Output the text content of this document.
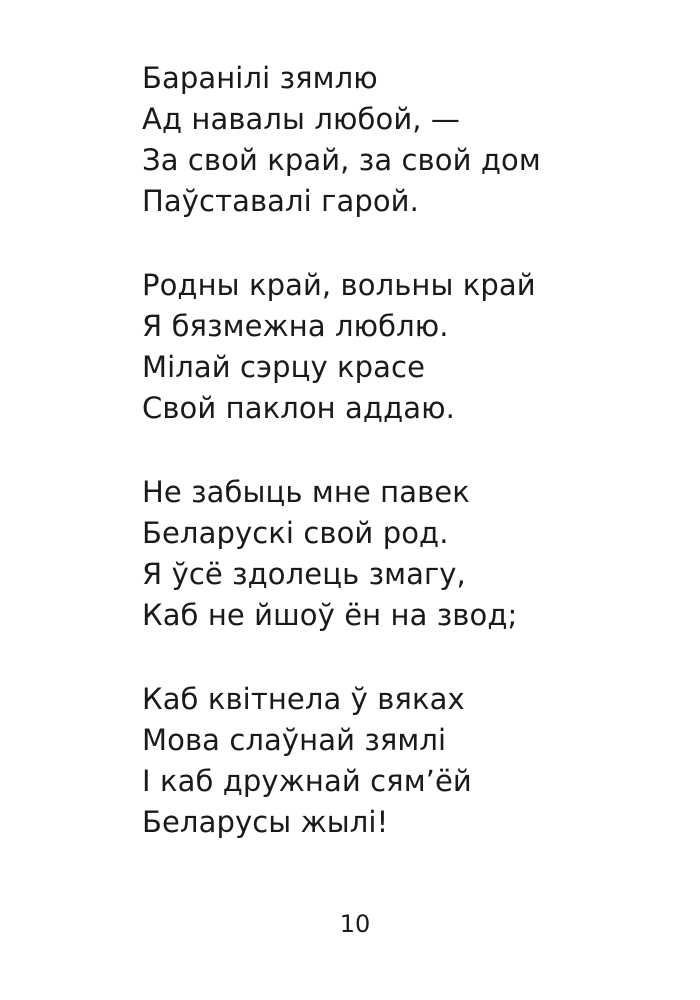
Баранілі зямлю
Ад навалы любой, —
За свой край, за свой дом
Паўставалі гарой.
Родны край, вольны край
Я бязмежна люблю.
Мілай сэрцу красе
Свой паклон аддаю.
Не забыць мне павек
Беларускі свой род.
Я ўсё здолець змагу,
Каб не йшоў ён на звод;
Каб квітнела ў вяках
Мова слаўнай зямлі
І каб дружнай сям’ёй
Беларусы жылі!
10
